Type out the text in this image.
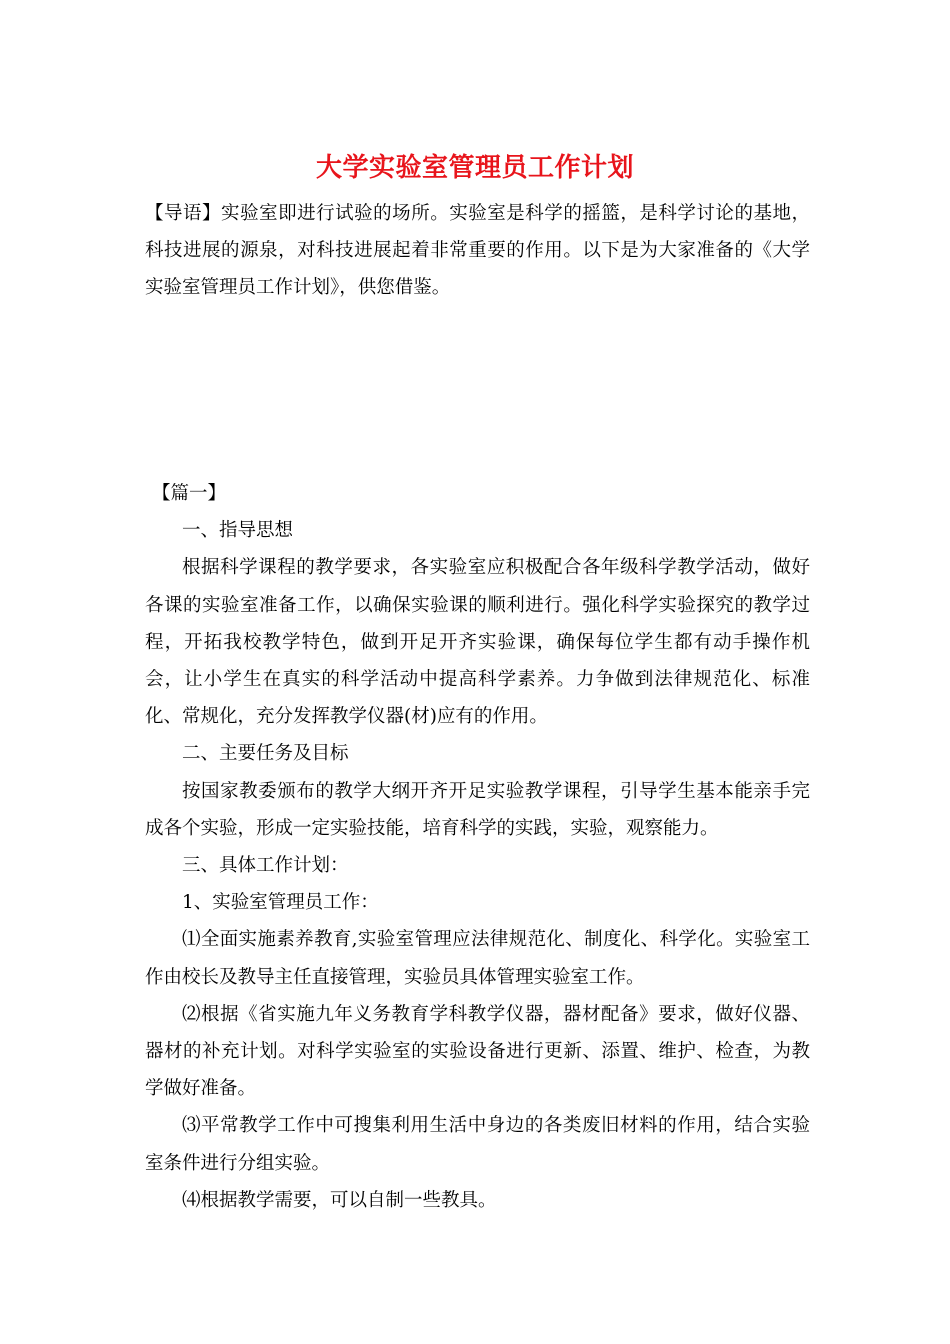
大学实验室管理员工作计划
【导语】实验室即进行试验的场所。实验室是科学的摇篮，是科学讨论的基地，科技进展的源泉，对科技进展起着非常重要的作用。以下是为大家准备的《大学实验室管理员工作计划》，供您借鉴。

【篇一】

一、指导思想

根据科学课程的教学要求，各实验室应积极配合各年级科学教学活动，做好各课的实验室准备工作，以确保实验课的顺利进行。强化科学实验探究的教学过程，开拓我校教学特色，做到开足开齐实验课，确保每位学生都有动手操作机会，让小学生在真实的科学活动中提高科学素养。力争做到法律规范化、标准化、常规化，充分发挥教学仪器(材)应有的作用。

二、主要任务及目标

按国家教委颁布的教学大纲开齐开足实验教学课程，引导学生基本能亲手完成各个实验，形成一定实验技能，培育科学的实践，实验，观察能力。

三、具体工作计划：

1、实验室管理员工作：

⑴全面实施素养教育,实验室管理应法律规范化、制度化、科学化。实验室工作由校长及教导主任直接管理，实验员具体管理实验室工作。

⑵根据《省实施九年义务教育学科教学仪器，器材配备》要求，做好仪器、器材的补充计划。对科学实验室的实验设备进行更新、添置、维护、检查，为教学做好准备。

⑶平常教学工作中可搜集利用生活中身边的各类废旧材料的作用，结合实验室条件进行分组实验。

⑷根据教学需要，可以自制一些教具。
